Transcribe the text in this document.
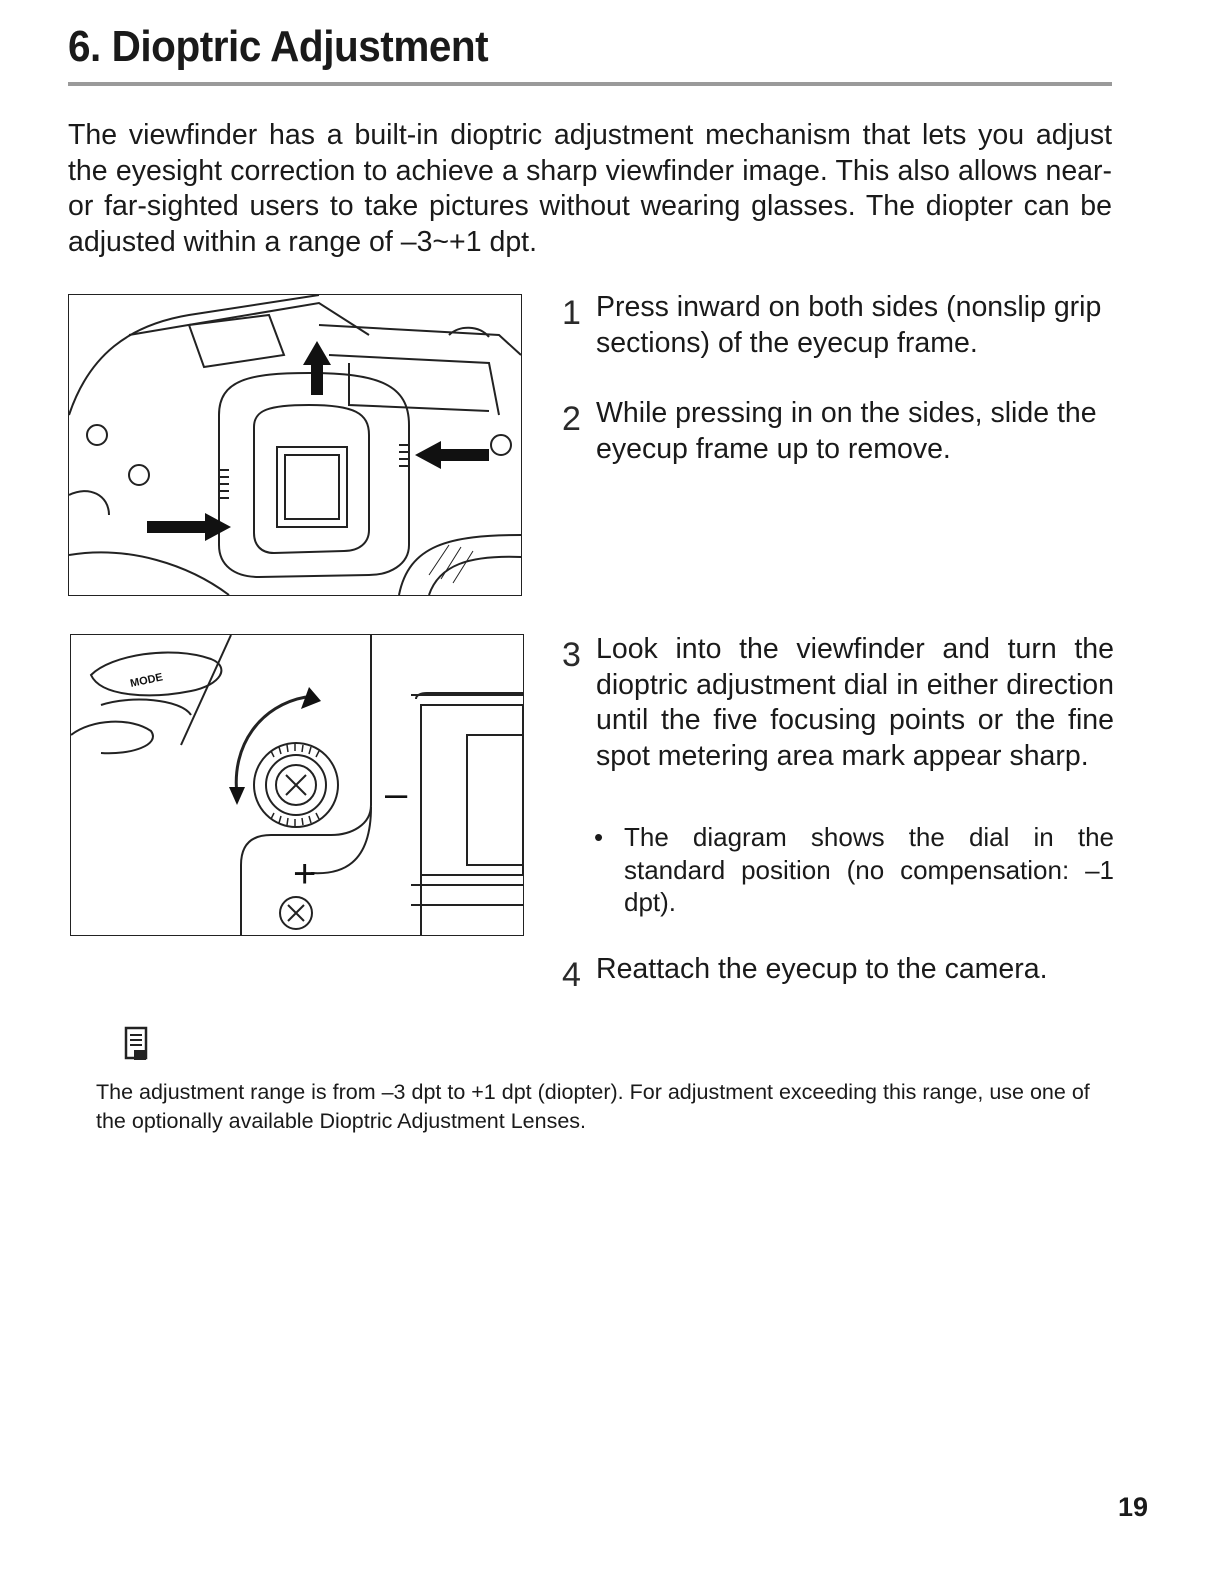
6. Dioptric Adjustment

The viewfinder has a built-in dioptric adjustment mechanism that lets you adjust the eyesight correction to achieve a sharp viewfinder image. This also allows near- or far-sighted users to take pictures without wearing glasses. The diopter can be adjusted within a range of –3~+1 dpt.

–
+
MODE
1 Press inward on both sides (nonslip grip sections) of the eyecup frame.

2 While pressing in on the sides, slide the eyecup frame up to remove.

3 Look into the viewfinder and turn the dioptric adjustment dial in either direction until the five focusing points or the fine spot metering area mark appear sharp.

• The diagram shows the dial in the standard position (no compensation: –1 dpt).

4 Reattach the eyecup to the camera.

The adjustment range is from –3 dpt to +1 dpt (diopter). For adjustment exceeding this range, use one of the optionally available Dioptric Adjustment Lenses.

19
